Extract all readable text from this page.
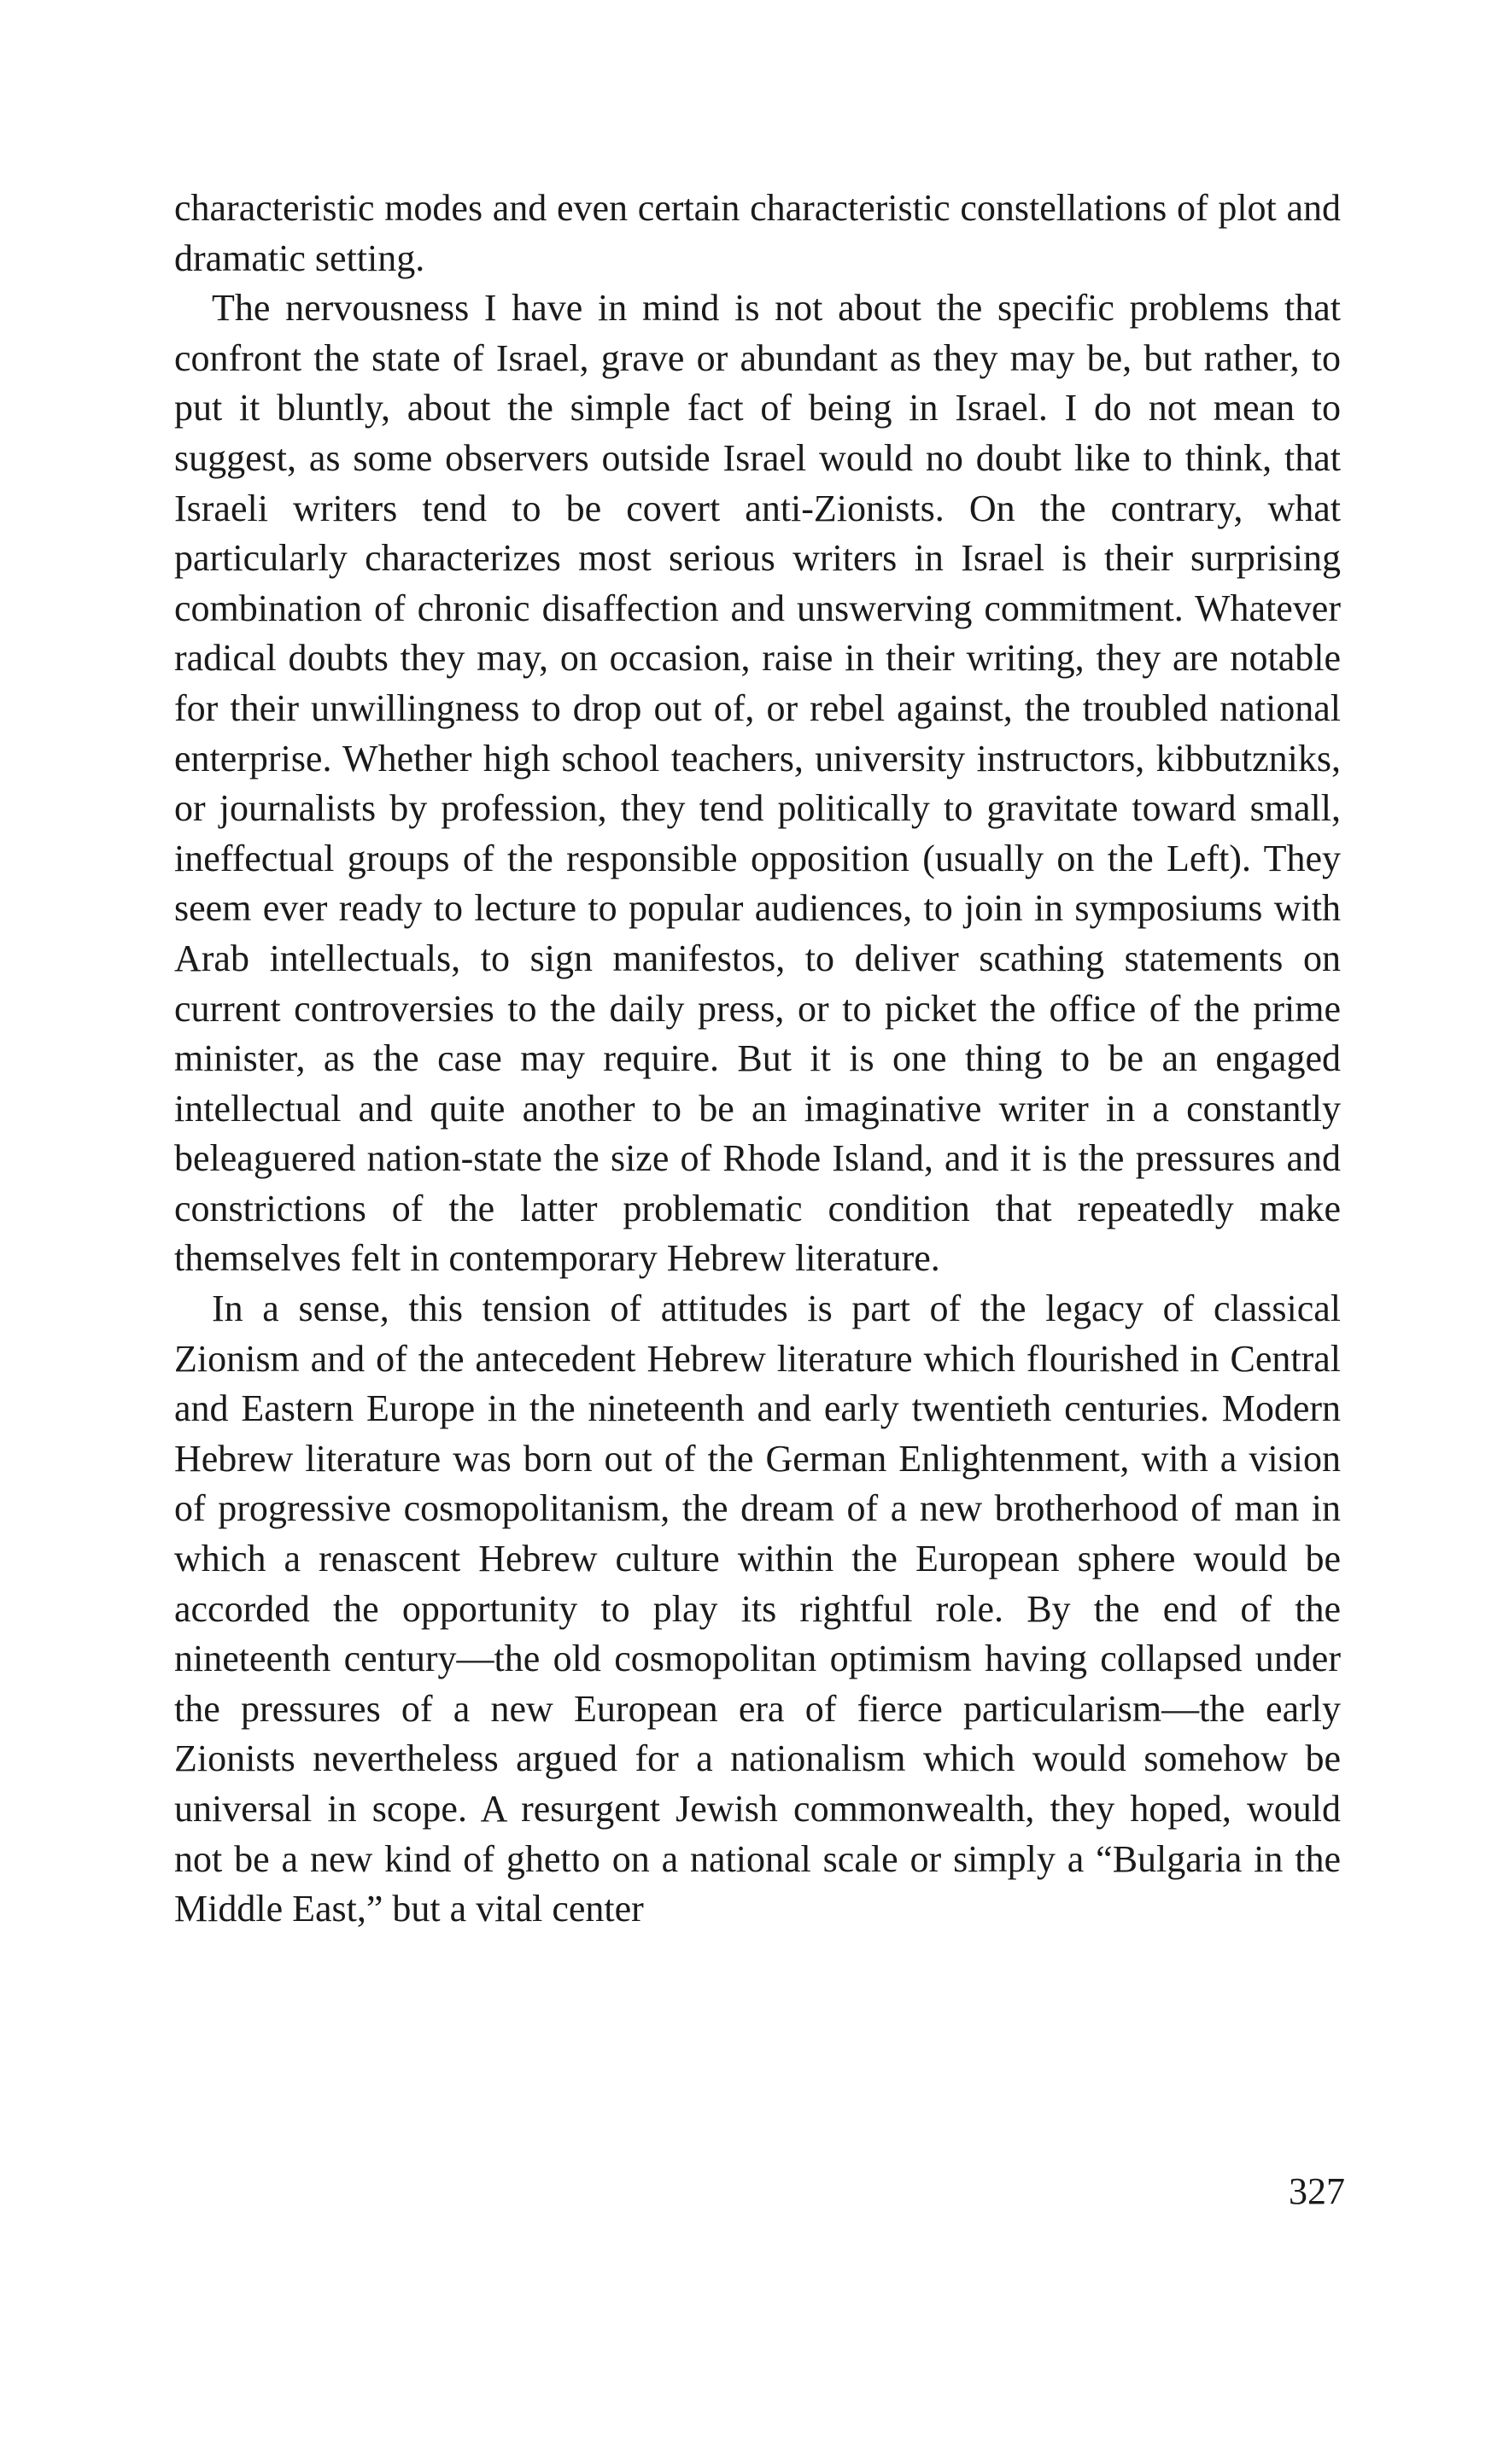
characteristic modes and even certain characteristic constellations of plot and dramatic setting.

The nervousness I have in mind is not about the specific problems that confront the state of Israel, grave or abundant as they may be, but rather, to put it bluntly, about the simple fact of being in Israel. I do not mean to suggest, as some observers outside Israel would no doubt like to think, that Israeli writers tend to be covert anti-Zionists. On the contrary, what particularly characterizes most serious writers in Israel is their surprising combination of chronic disaffection and unswerving commitment. Whatever radical doubts they may, on occasion, raise in their writing, they are notable for their unwillingness to drop out of, or rebel against, the troubled national enterprise. Whether high school teachers, university instructors, kibbutzniks, or journalists by profession, they tend politically to gravitate toward small, ineffectual groups of the responsible opposition (usually on the Left). They seem ever ready to lecture to popular audiences, to join in symposiums with Arab intellectuals, to sign manifestos, to deliver scathing statements on current controversies to the daily press, or to picket the office of the prime minister, as the case may require. But it is one thing to be an engaged intellectual and quite another to be an imaginative writer in a constantly beleaguered nation-state the size of Rhode Island, and it is the pressures and constrictions of the latter problematic condition that repeatedly make themselves felt in contemporary Hebrew literature.

In a sense, this tension of attitudes is part of the legacy of classical Zionism and of the antecedent Hebrew literature which flourished in Central and Eastern Europe in the nineteenth and early twentieth centuries. Modern Hebrew literature was born out of the German Enlightenment, with a vision of progressive cosmopolitanism, the dream of a new brotherhood of man in which a renascent Hebrew culture within the European sphere would be accorded the opportunity to play its rightful role. By the end of the nineteenth century—the old cosmopolitan optimism having collapsed under the pressures of a new European era of fierce particularism—the early Zionists nevertheless argued for a nationalism which would somehow be universal in scope. A resurgent Jewish commonwealth, they hoped, would not be a new kind of ghetto on a national scale or simply a “Bulgaria in the Middle East,” but a vital center

327
